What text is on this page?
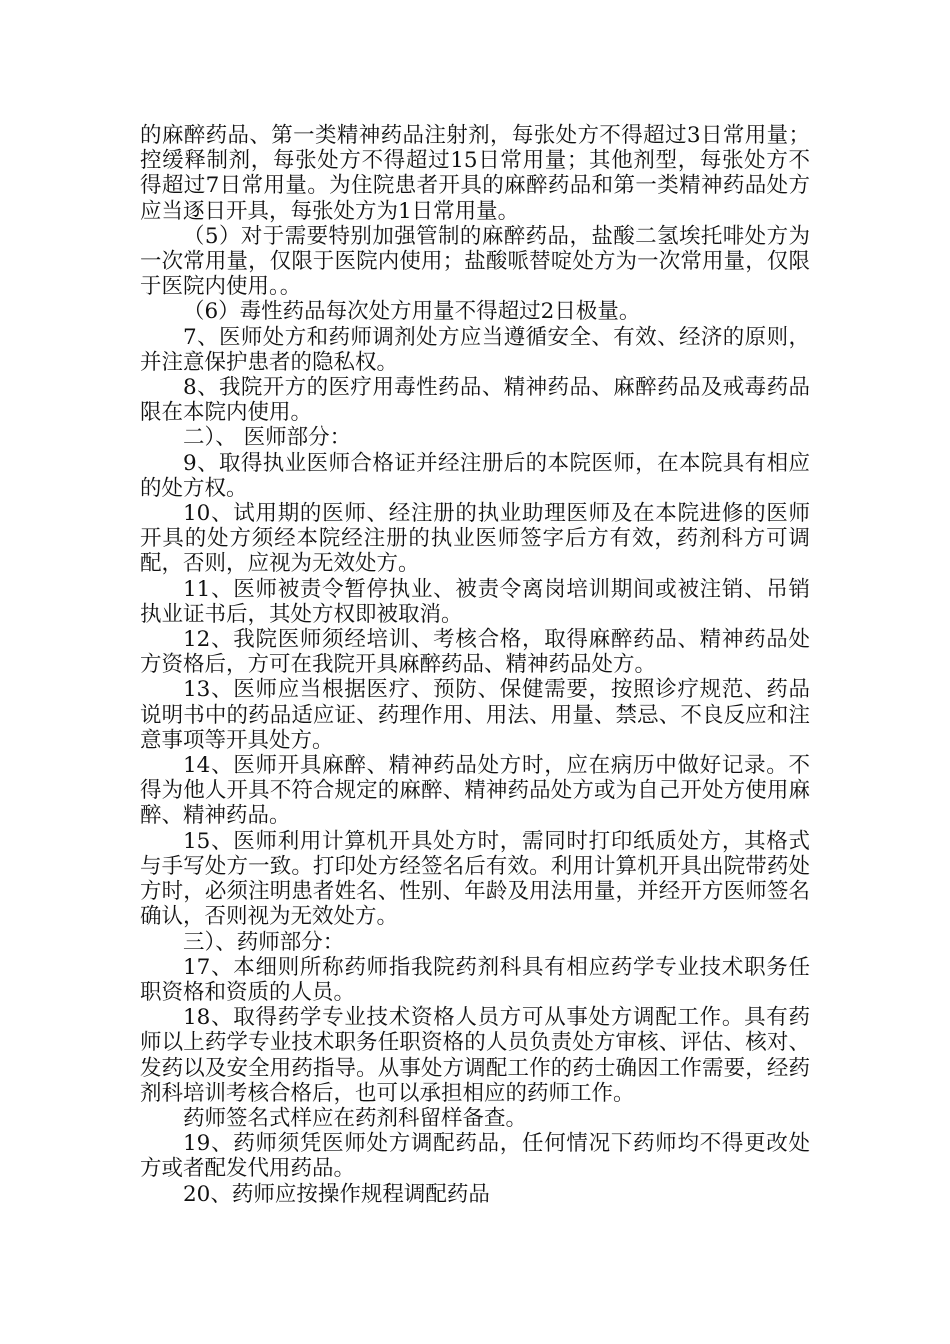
的麻醉药品、第一类精神药品注射剂，每张处方不得超过3日常用量；控缓释制剂，每张处方不得超过15日常用量；其他剂型，每张处方不得超过7日常用量。为住院患者开具的麻醉药品和第一类精神药品处方应当逐日开具，每张处方为1日常用量。

（5）对于需要特别加强管制的麻醉药品，盐酸二氢埃托啡处方为一次常用量，仅限于医院内使用；盐酸哌替啶处方为一次常用量，仅限于医院内使用。。

（6）毒性药品每次处方用量不得超过2日极量。

7、医师处方和药师调剂处方应当遵循安全、有效、经济的原则，并注意保护患者的隐私权。

8、我院开方的医疗用毒性药品、精神药品、麻醉药品及戒毒药品限在本院内使用。

二）、 医师部分：

9、取得执业医师合格证并经注册后的本院医师，在本院具有相应的处方权。

10、试用期的医师、经注册的执业助理医师及在本院进修的医师开具的处方须经本院经注册的执业医师签字后方有效，药剂科方可调配，否则，应视为无效处方。

11、医师被责令暂停执业、被责令离岗培训期间或被注销、吊销执业证书后，其处方权即被取消。

12、我院医师须经培训、考核合格，取得麻醉药品、精神药品处方资格后，方可在我院开具麻醉药品、精神药品处方。

13、医师应当根据医疗、预防、保健需要，按照诊疗规范、药品说明书中的药品适应证、药理作用、用法、用量、禁忌、不良反应和注意事项等开具处方。

14、医师开具麻醉、精神药品处方时，应在病历中做好记录。不得为他人开具不符合规定的麻醉、精神药品处方或为自己开处方使用麻醉、精神药品。

15、医师利用计算机开具处方时，需同时打印纸质处方，其格式与手写处方一致。打印处方经签名后有效。利用计算机开具出院带药处方时，必须注明患者姓名、性别、年龄及用法用量，并经开方医师签名确认，否则视为无效处方。

三）、药师部分：

17、本细则所称药师指我院药剂科具有相应药学专业技术职务任职资格和资质的人员。

18、取得药学专业技术资格人员方可从事处方调配工作。具有药师以上药学专业技术职务任职资格的人员负责处方审核、评估、核对、发药以及安全用药指导。从事处方调配工作的药士确因工作需要，经药剂科培训考核合格后，也可以承担相应的药师工作。

药师签名式样应在药剂科留样备查。

19、药师须凭医师处方调配药品，任何情况下药师均不得更改处方或者配发代用药品。

20、药师应按操作规程调配药品
